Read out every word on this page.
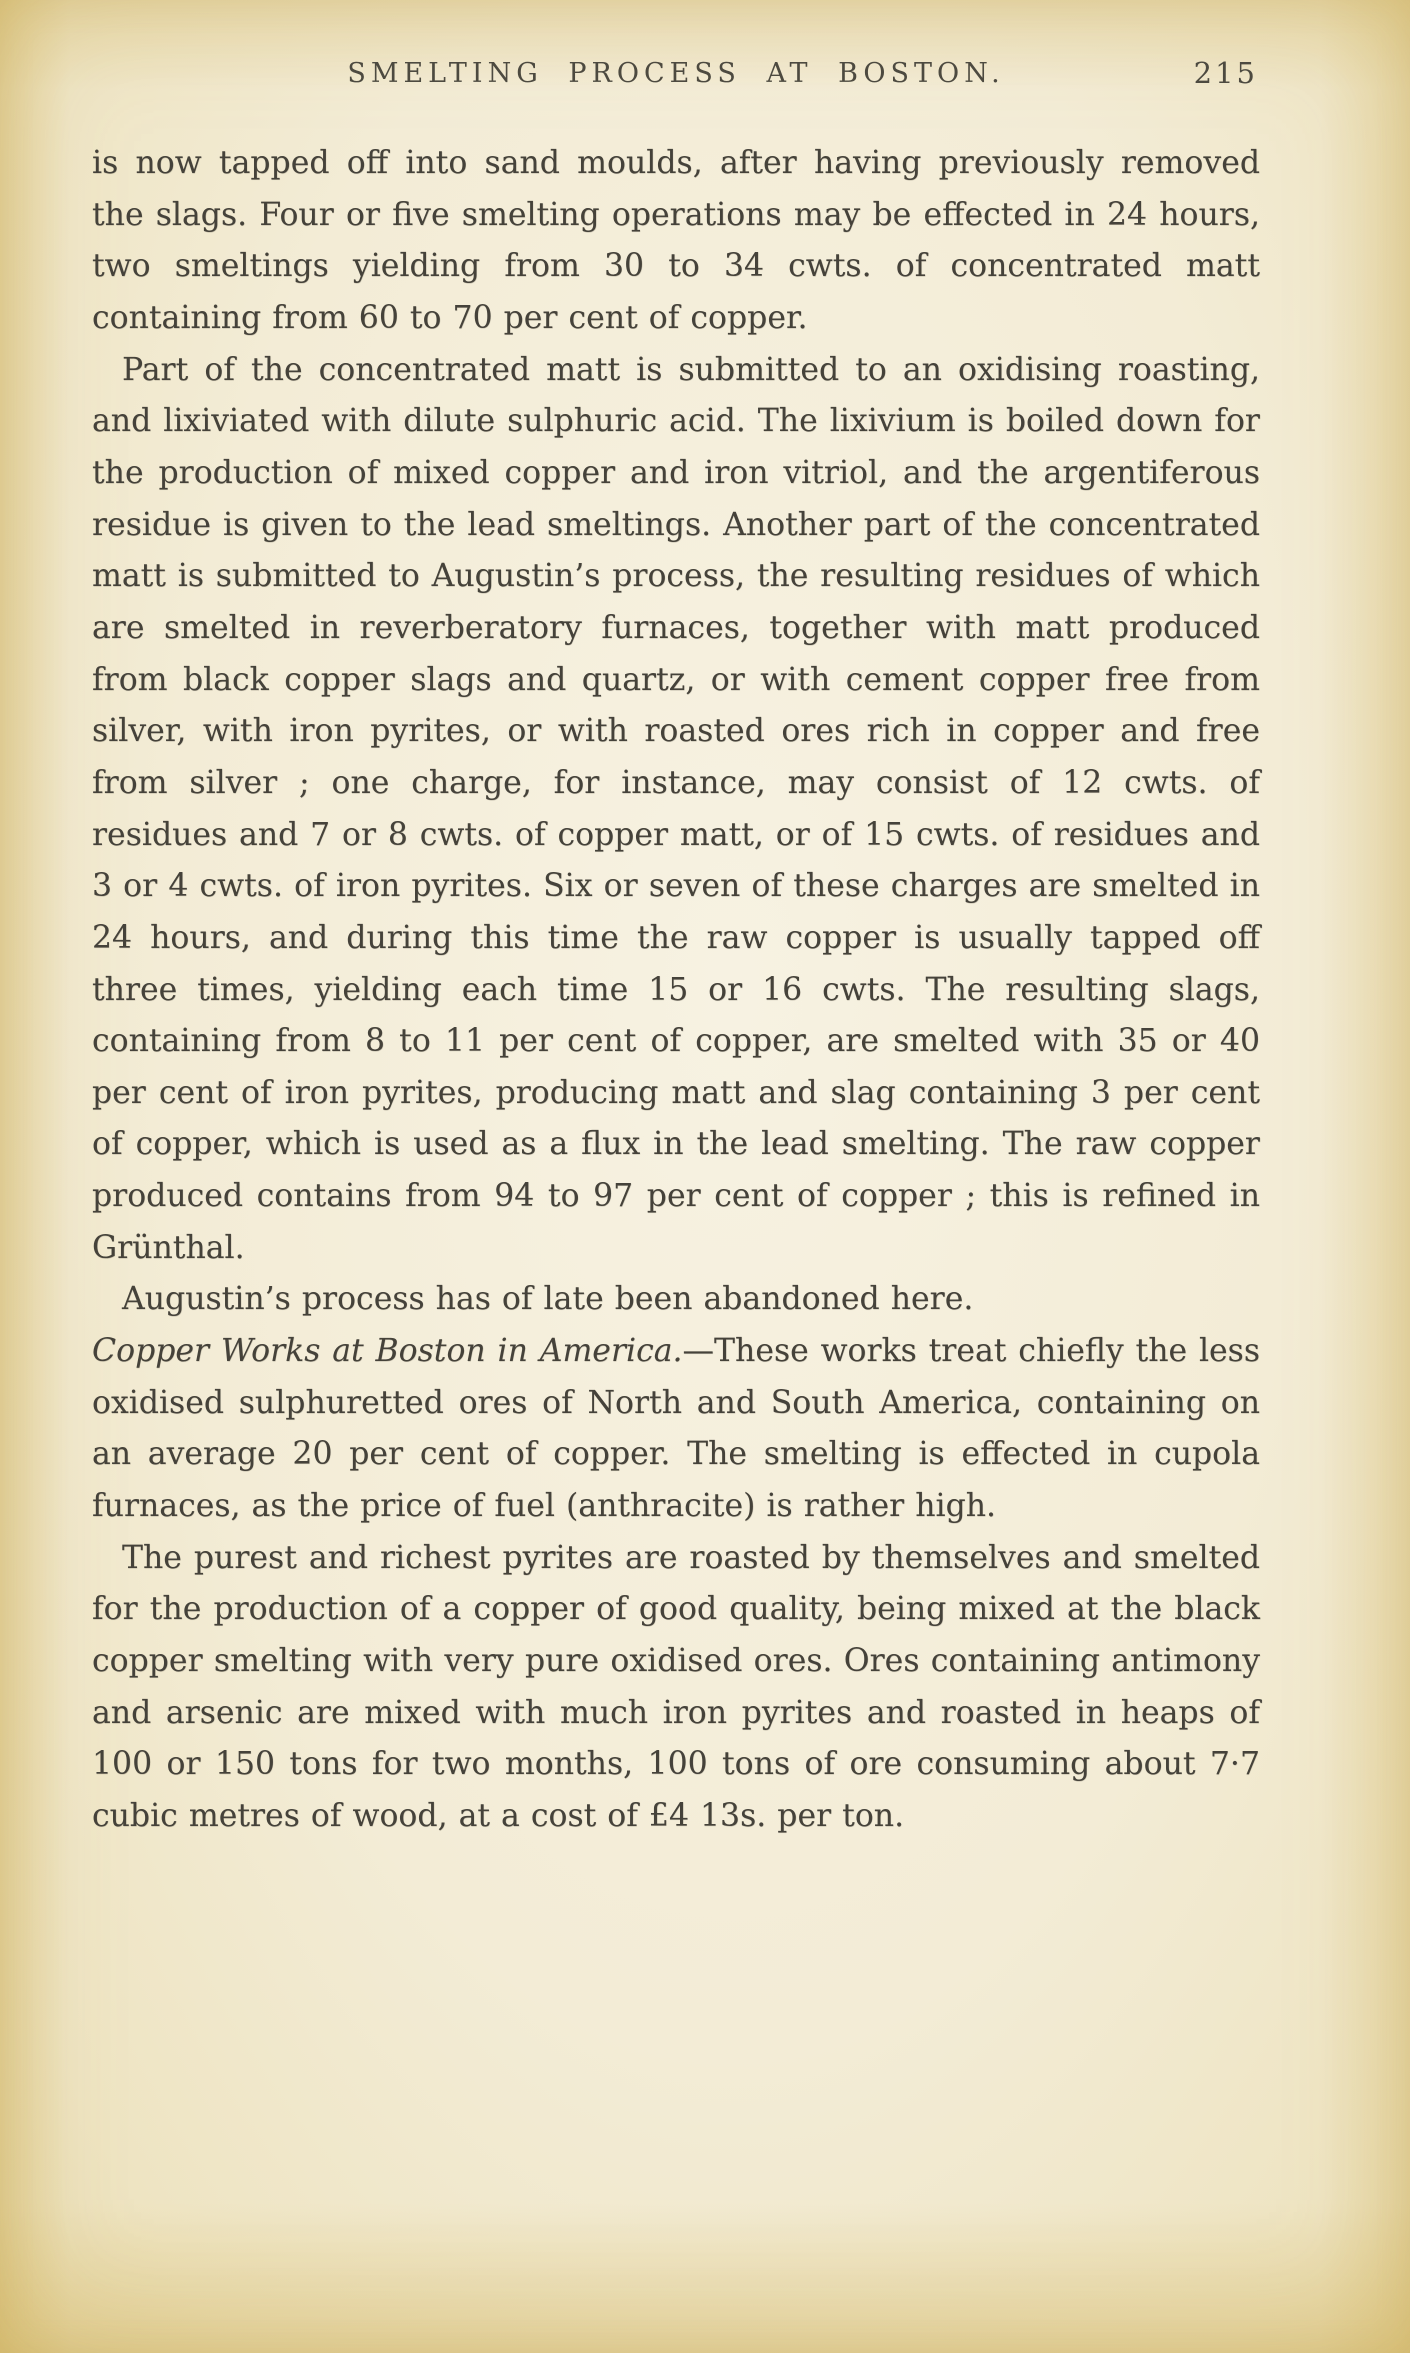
SMELTING PROCESS AT BOSTON.	215

is now tapped off into sand moulds, after having previously removed the slags. Four or five smelting operations may be effected in 24 hours, two smeltings yielding from 30 to 34 cwts. of concentrated matt containing from 60 to 70 per cent of copper.

Part of the concentrated matt is submitted to an oxidising roasting, and lixiviated with dilute sulphuric acid. The lixivium is boiled down for the production of mixed copper and iron vitriol, and the argentiferous residue is given to the lead smeltings. Another part of the concentrated matt is submitted to Augustin’s process, the resulting residues of which are smelted in reverberatory furnaces, together with matt produced from black copper slags and quartz, or with cement copper free from silver, with iron pyrites, or with roasted ores rich in copper and free from silver ; one charge, for instance, may consist of 12 cwts. of residues and 7 or 8 cwts. of copper matt, or of 15 cwts. of residues and 3 or 4 cwts. of iron pyrites. Six or seven of these charges are smelted in 24 hours, and during this time the raw copper is usually tapped off three times, yielding each time 15 or 16 cwts. The resulting slags, containing from 8 to 11 per cent of copper, are smelted with 35 or 40 per cent of iron pyrites, producing matt and slag containing 3 per cent of copper, which is used as a flux in the lead smelting. The raw copper produced contains from 94 to 97 per cent of copper ; this is refined in Grünthal.

Augustin’s process has of late been abandoned here.

Copper Works at Boston in America.—These works treat chiefly the less oxidised sulphuretted ores of North and South America, containing on an average 20 per cent of copper. The smelting is effected in cupola furnaces, as the price of fuel (anthracite) is rather high.

The purest and richest pyrites are roasted by themselves and smelted for the production of a copper of good quality, being mixed at the black copper smelting with very pure oxidised ores. Ores containing antimony and arsenic are mixed with much iron pyrites and roasted in heaps of 100 or 150 tons for two months, 100 tons of ore consuming about 7·7 cubic metres of wood, at a cost of £4 13s. per ton.
